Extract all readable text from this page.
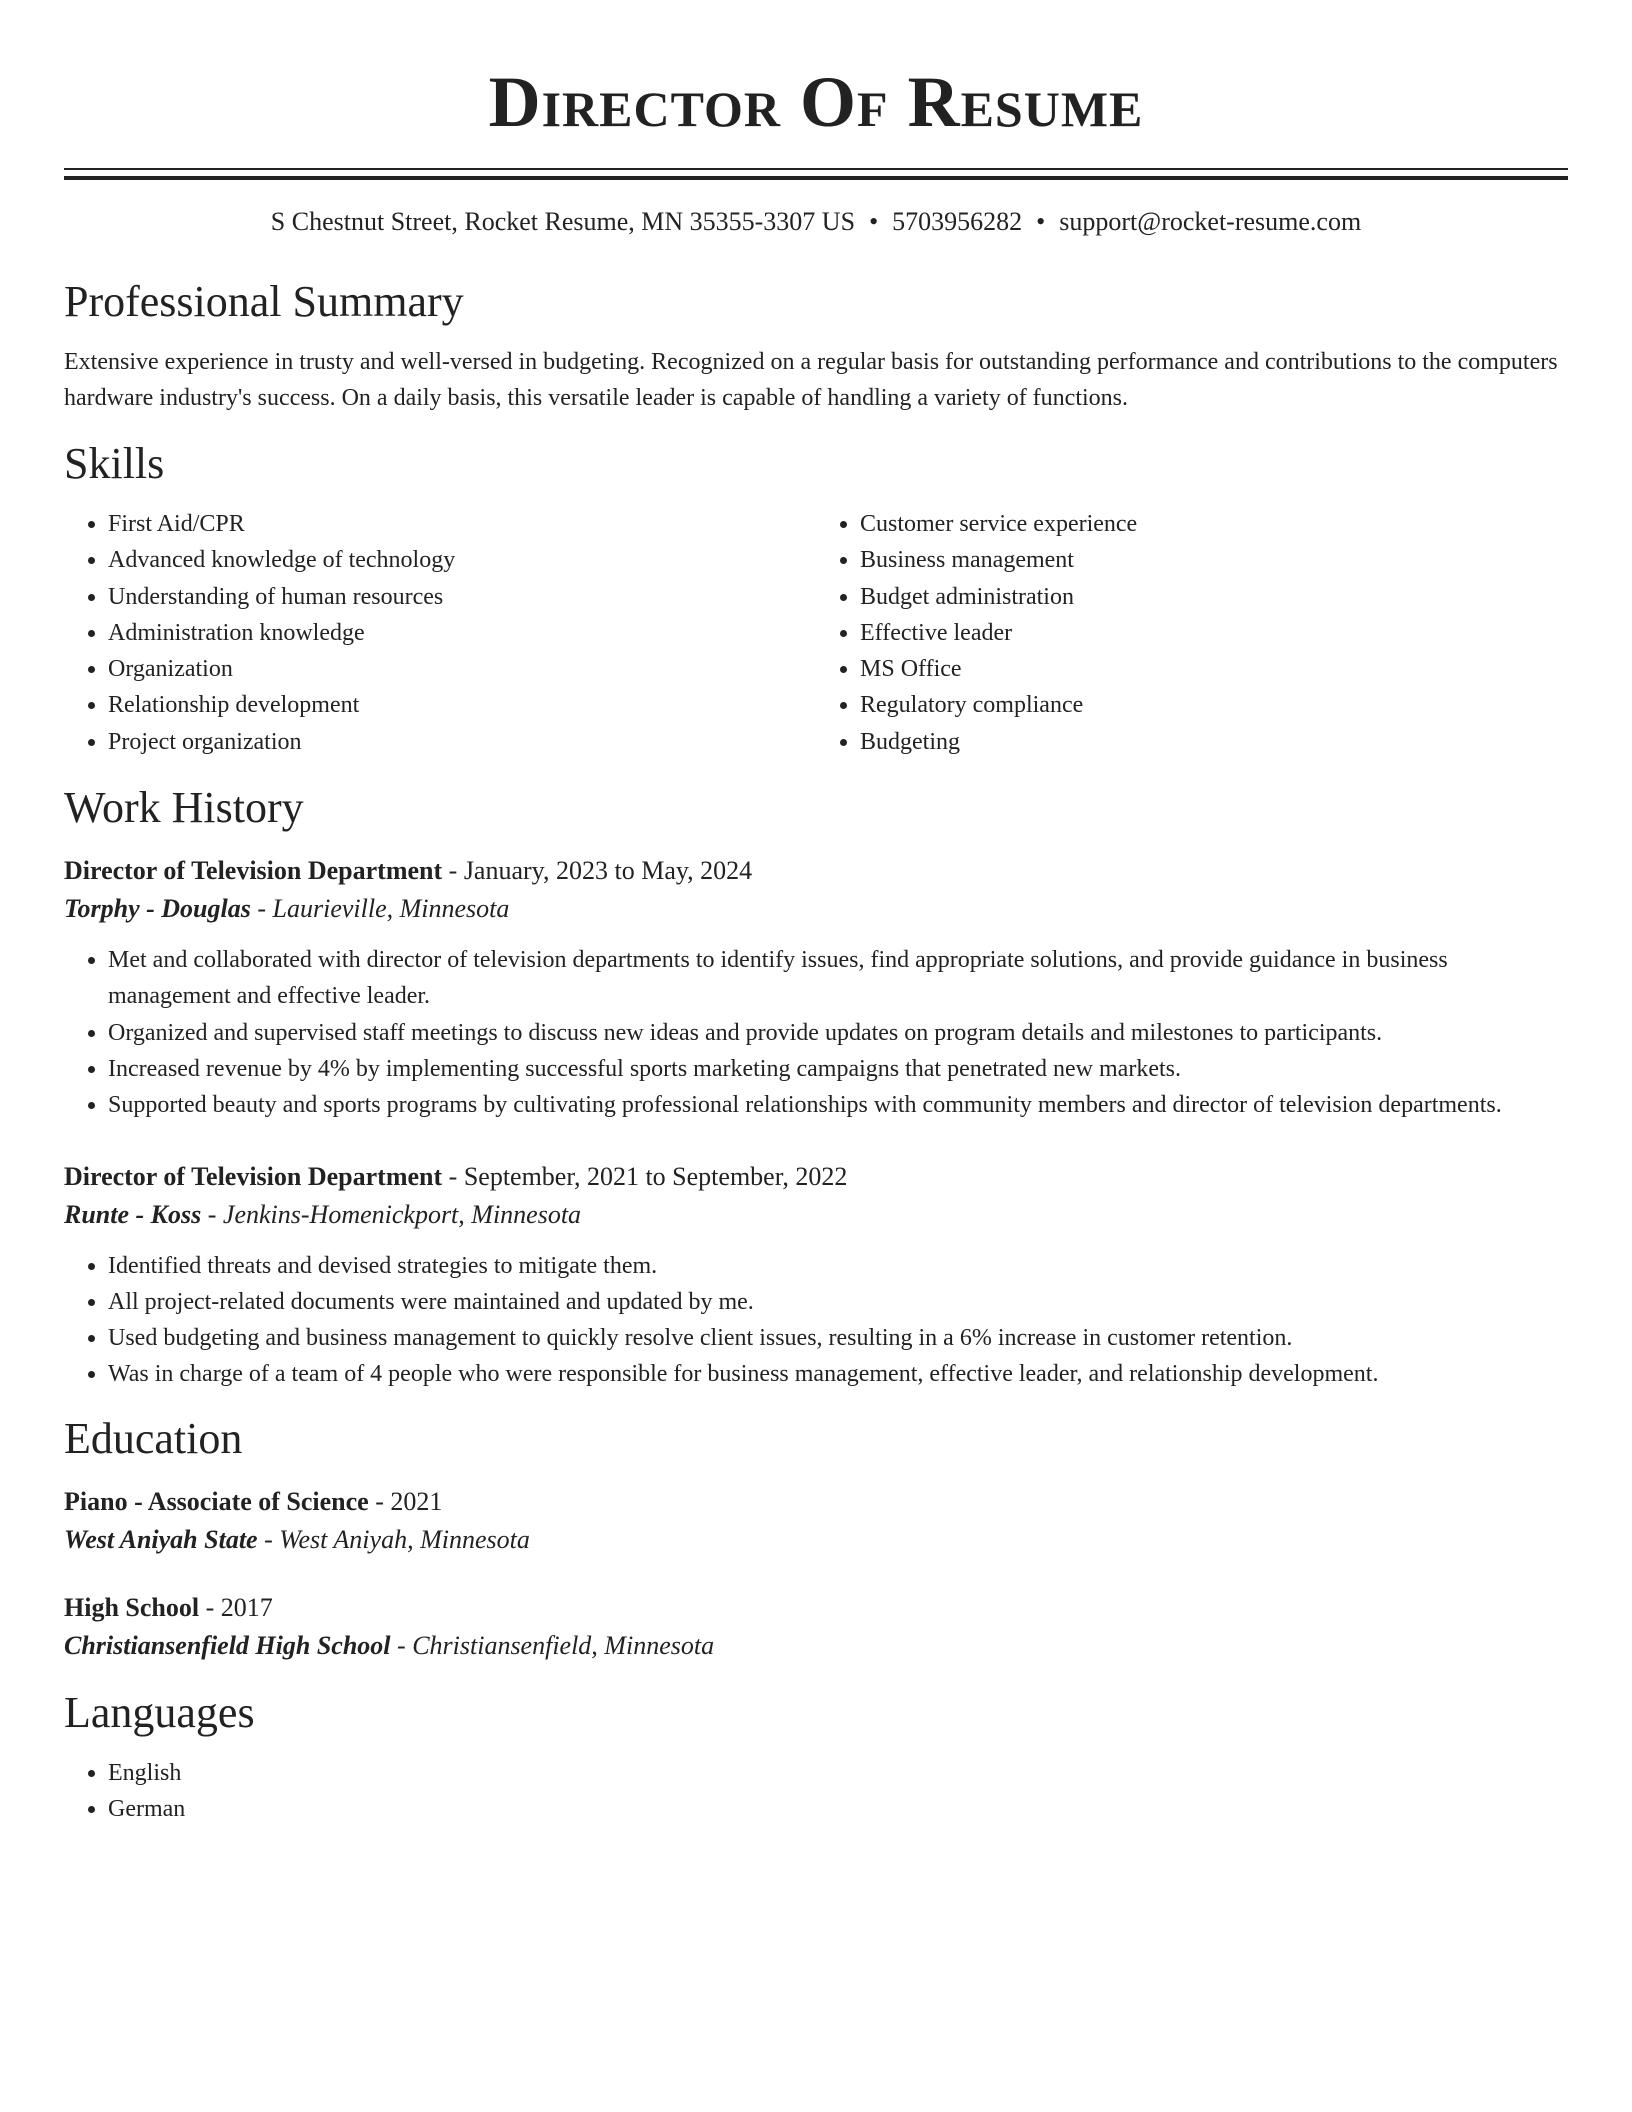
Director Of Resume
S Chestnut Street, Rocket Resume, MN 35355-3307 US • 5703956282 • support@rocket-resume.com
Professional Summary
Extensive experience in trusty and well-versed in budgeting. Recognized on a regular basis for outstanding performance and contributions to the computers hardware industry's success. On a daily basis, this versatile leader is capable of handling a variety of functions.
Skills
• First Aid/CPR
• Advanced knowledge of technology
• Understanding of human resources
• Administration knowledge
• Organization
• Relationship development
• Project organization
• Customer service experience
• Business management
• Budget administration
• Effective leader
• MS Office
• Regulatory compliance
• Budgeting
Work History
Director of Television Department - January, 2023 to May, 2024
Torphy - Douglas - Laurieville, Minnesota
• Met and collaborated with director of television departments to identify issues, find appropriate solutions, and provide guidance in business management and effective leader.
• Organized and supervised staff meetings to discuss new ideas and provide updates on program details and milestones to participants.
• Increased revenue by 4% by implementing successful sports marketing campaigns that penetrated new markets.
• Supported beauty and sports programs by cultivating professional relationships with community members and director of television departments.
Director of Television Department - September, 2021 to September, 2022
Runte - Koss - Jenkins-Homenickport, Minnesota
• Identified threats and devised strategies to mitigate them.
• All project-related documents were maintained and updated by me.
• Used budgeting and business management to quickly resolve client issues, resulting in a 6% increase in customer retention.
• Was in charge of a team of 4 people who were responsible for business management, effective leader, and relationship development.
Education
Piano - Associate of Science - 2021
West Aniyah State - West Aniyah, Minnesota
High School - 2017
Christiansenfield High School - Christiansenfield, Minnesota
Languages
• English
• German
